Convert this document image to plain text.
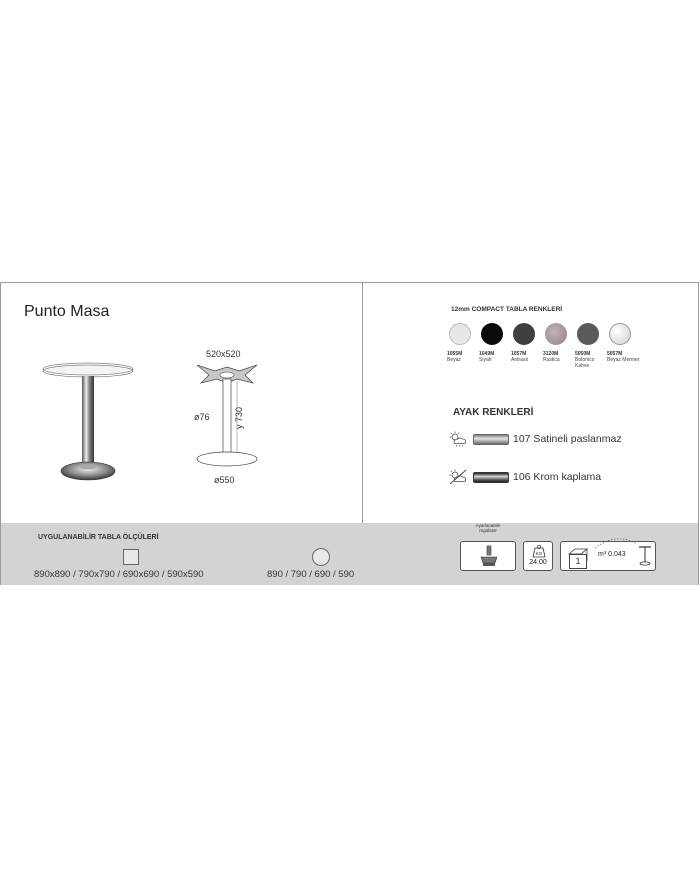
Punto Masa
520x520
ø76	y 730
ø550
12mm COMPACT TABLA RENKLERİ
1055M
Beyaz
1049M
Siyah
1057M
Antrasit
3120M
Rustica
5050M
Botonico Kahve
5057M
Beyaz Mermer
AYAK RENKLERİ
107 Satineli paslanmaz
106 Krom kaplama
UYGULANABİLİR TABLA ÖLÇÜLERİ
890x890 / 790x790 / 690x690 / 590x590	890 / 790 / 690 / 590
Ayarlanabilir regülatör
KG
24.00	1
m³ 0.043
